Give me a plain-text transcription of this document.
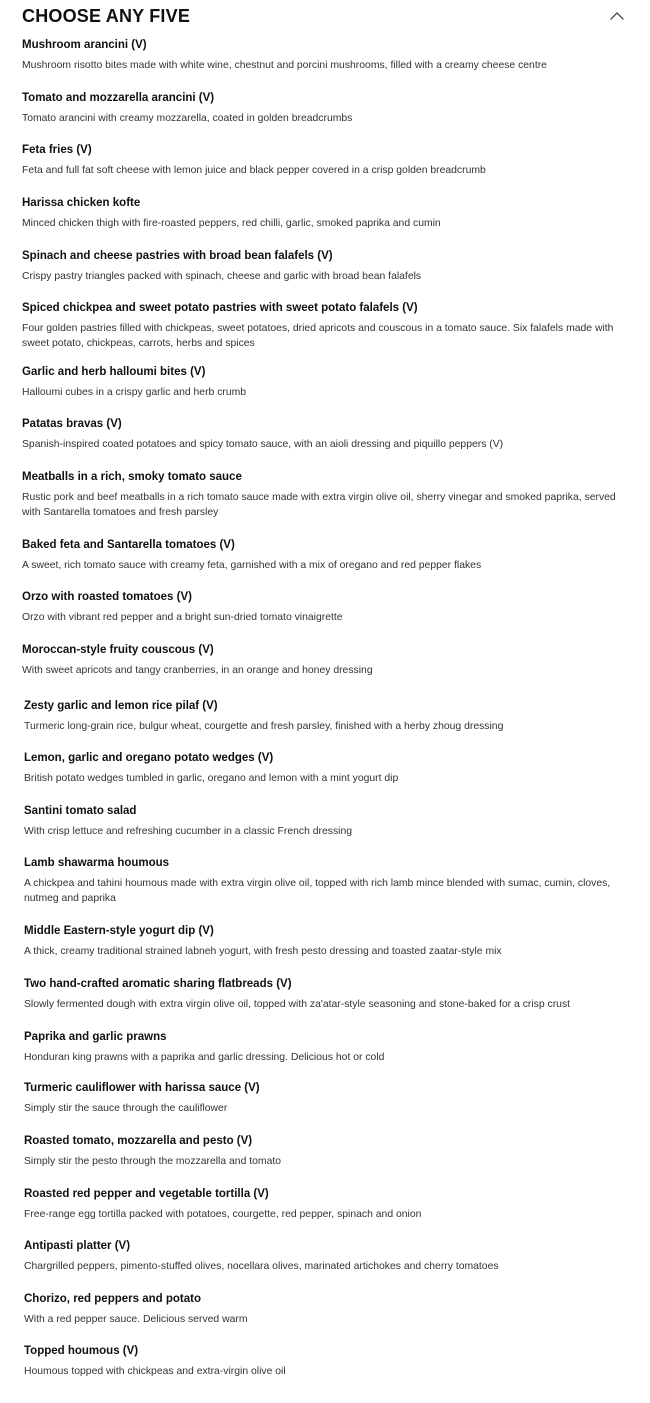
CHOOSE ANY FIVE
Mushroom arancini (V)
Mushroom risotto bites made with white wine, chestnut and porcini mushrooms, filled with a creamy cheese centre
Tomato and mozzarella arancini (V)
Tomato arancini with creamy mozzarella, coated in golden breadcrumbs
Feta fries (V)
Feta and full fat soft cheese with lemon juice and black pepper covered in a crisp golden breadcrumb
Harissa chicken kofte
Minced chicken thigh with fire-roasted peppers, red chilli, garlic, smoked paprika and cumin
Spinach and cheese pastries with broad bean falafels (V)
Crispy pastry triangles packed with spinach, cheese and garlic with broad bean falafels
Spiced chickpea and sweet potato pastries with sweet potato falafels (V)
Four golden pastries filled with chickpeas, sweet potatoes, dried apricots and couscous in a tomato sauce. Six falafels made with sweet potato, chickpeas, carrots, herbs and spices
Garlic and herb halloumi bites (V)
Halloumi cubes in a crispy garlic and herb crumb
Patatas bravas (V)
Spanish-inspired coated potatoes and spicy tomato sauce, with an aioli dressing and piquillo peppers (V)
Meatballs in a rich, smoky tomato sauce
Rustic pork and beef meatballs in a rich tomato sauce made with extra virgin olive oil, sherry vinegar and smoked paprika, served with Santarella tomatoes and fresh parsley
Baked feta and Santarella tomatoes (V)
A sweet, rich tomato sauce with creamy feta, garnished with a mix of oregano and red pepper flakes
Orzo with roasted tomatoes (V)
Orzo with vibrant red pepper and a bright sun-dried tomato vinaigrette
Moroccan-style fruity couscous (V)
With sweet apricots and tangy cranberries, in an orange and honey dressing
Zesty garlic and lemon rice pilaf (V)
Turmeric long-grain rice, bulgur wheat, courgette and fresh parsley, finished with a herby zhoug dressing
Lemon, garlic and oregano potato wedges (V)
British potato wedges tumbled in garlic, oregano and lemon with a mint yogurt dip
Santini tomato salad
With crisp lettuce and refreshing cucumber in a classic French dressing
Lamb shawarma houmous
A chickpea and tahini houmous made with extra virgin olive oil, topped with rich lamb mince blended with sumac, cumin, cloves, nutmeg and paprika
Middle Eastern-style yogurt dip (V)
A thick, creamy traditional strained labneh yogurt, with fresh pesto dressing and toasted zaatar-style mix
Two hand-crafted aromatic sharing flatbreads (V)
Slowly fermented dough with extra virgin olive oil, topped with za'atar-style seasoning and stone-baked for a crisp crust
Paprika and garlic prawns
Honduran king prawns with a paprika and garlic dressing. Delicious hot or cold
Turmeric cauliflower with harissa sauce (V)
Simply stir the sauce through the cauliflower
Roasted tomato, mozzarella and pesto (V)
Simply stir the pesto through the mozzarella and tomato
Roasted red pepper and vegetable tortilla (V)
Free-range egg tortilla packed with potatoes, courgette, red pepper, spinach and onion
Antipasti platter (V)
Chargrilled peppers, pimento-stuffed olives, nocellara olives, marinated artichokes and cherry tomatoes
Chorizo, red peppers and potato
With a red pepper sauce. Delicious served warm
Topped houmous (V)
Houmous topped with chickpeas and extra-virgin olive oil
